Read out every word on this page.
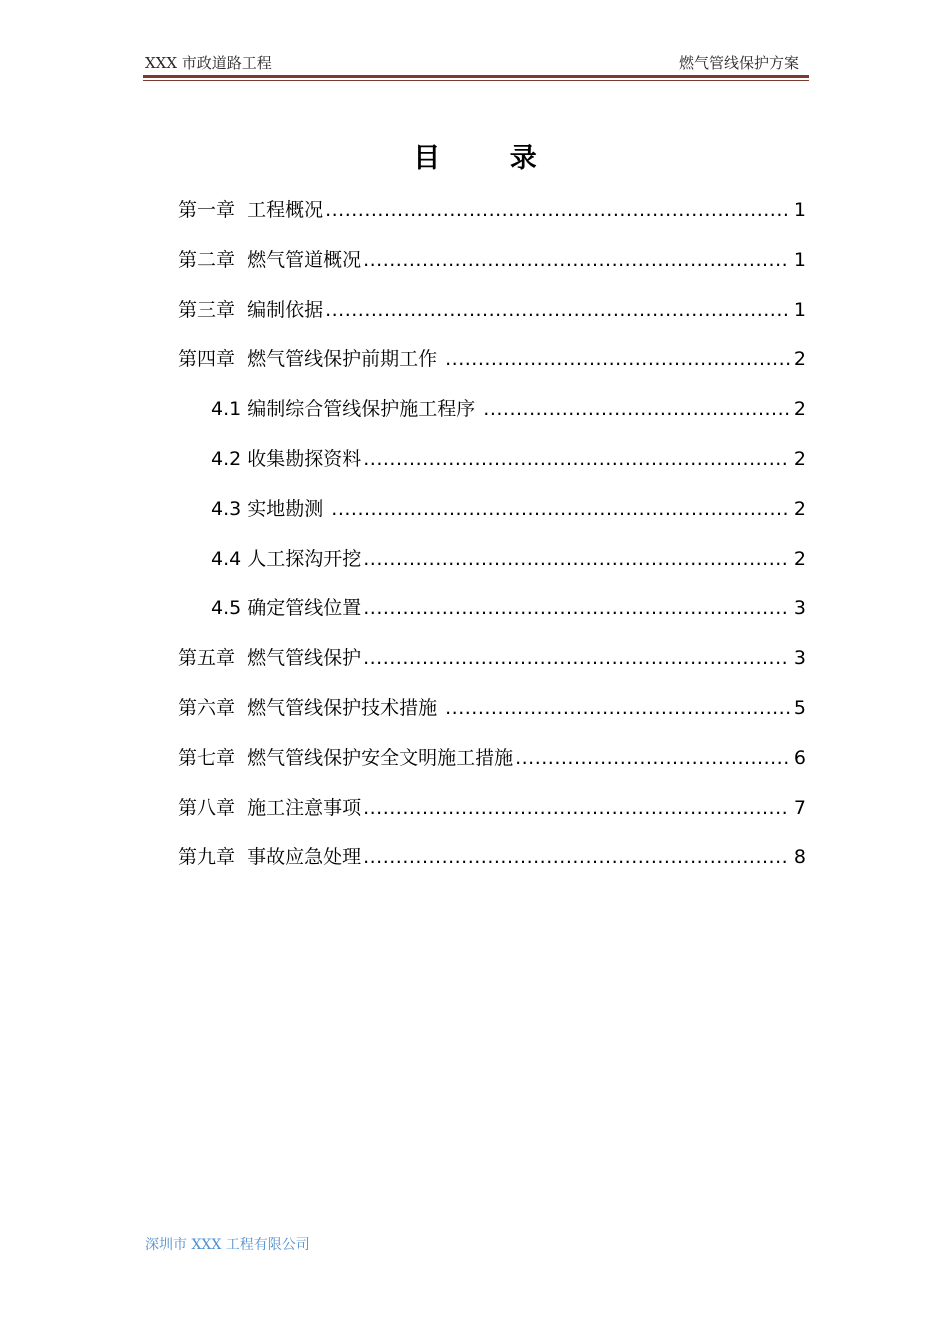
XXX 市政道路工程	燃气管线保护方案
目 录
第一章  工程概况 .....	1
第二章  燃气管道概况 .....	1
第三章  编制依据 .....	1
第四章  燃气管线保护前期工作 .....	2
4.1 编制综合管线保护施工程序 .....	2
4.2 收集勘探资料 .....	2
4.3 实地勘测 .....	2
4.4 人工探沟开挖 .....	2
4.5 确定管线位置 .....	3
第五章  燃气管线保护 .....	3
第六章  燃气管线保护技术措施 .....	5
第七章  燃气管线保护安全文明施工措施 .....	6
第八章  施工注意事项 .....	7
第九章  事故应急处理 .....	8
深圳市 XXX 工程有限公司
